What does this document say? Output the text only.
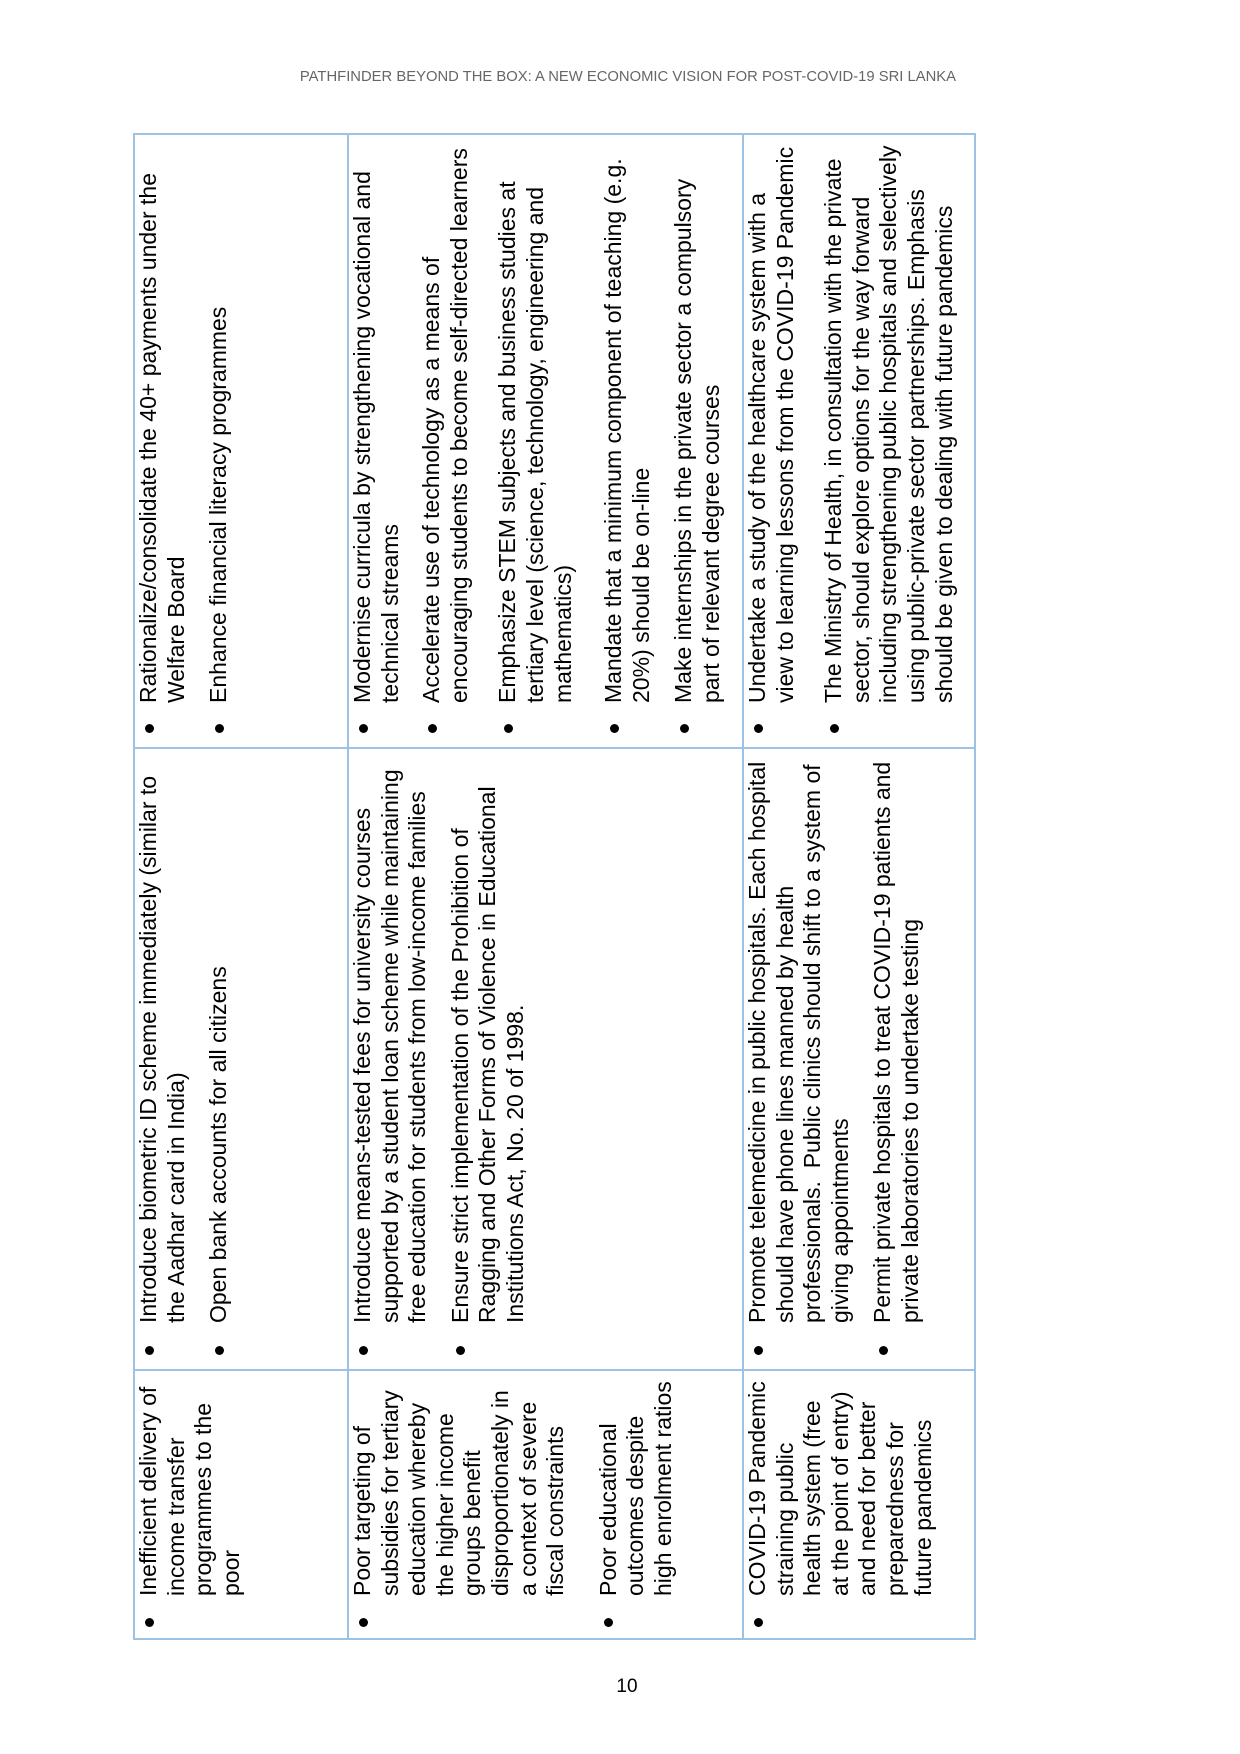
PATHFINDER BEYOND THE BOX: A NEW ECONOMIC VISION FOR POST-COVID-19 SRI LANKA
Inefficient delivery of
income transfer
programmes to the
poor
Introduce biometric ID scheme immediately (similar to
the Aadhar card in India) Open bank accounts for all citizens
Rationalize/consolidate the 40+ payments under the
Welfare Board Enhance financial literacy programmes
Poor targeting of
subsidies for tertiary
education whereby
the higher income
groups benefit
disproportionately in
a context of severe
fiscal constraints
Poor educational
outcomes despite
high enrolment ratios
Introduce means-tested fees for university courses
supported by a student loan scheme while maintaining
free education for students from low-income families
Ensure strict implementation of the Prohibition of
Ragging and Other Forms of Violence in Educational
Institutions Act, No. 20 of 1998.
Modernise curricula by strengthening vocational and
technical streams
Accelerate use of technology as a means of
encouraging students to become self-directed learners
Emphasize STEM subjects and business studies at
tertiary level (science, technology, engineering and
mathematics) Mandate that a minimum component of teaching (e.g.
20%) should be on-line
Make internships in the private sector a compulsory
part of relevant degree courses
COVID-19 Pandemic
straining public
health system (free
at the point of entry)
and need for better
preparedness for
future pandemics
Promote telemedicine in public hospitals. Each hospital
should have phone lines manned by health
professionals.  Public clinics should shift to a system of
giving appointments
Permit private hospitals to treat COVID-19 patients and
private laboratories to undertake testing
Undertake a study of the healthcare system with a
view to learning lessons from the COVID-19 Pandemic
The Ministry of Health, in consultation with the private
sector, should explore options for the way forward
including strengthening public hospitals and selectively
using public-private sector partnerships. Emphasis
should be given to dealing with future pandemics
10
